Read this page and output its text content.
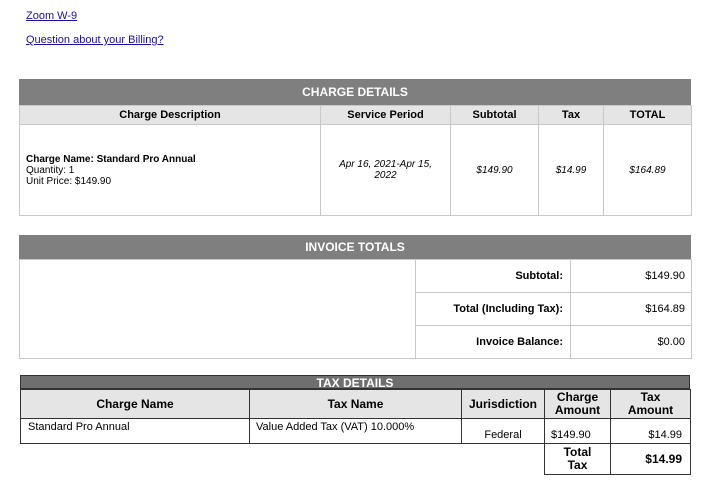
Zoom W-9
Question about your Billing?
CHARGE DETAILS
Charge Description	Service Period	Subtotal	Tax	TOTAL

Charge Name: Standard Pro Annual
Quantity: 1
Unit Price: $149.90	Apr 16, 2021-Apr 15, 2022	$149.90	$14.99	$164.89
INVOICE TOTALS
	Subtotal:	$149.90
	Total (Including Tax):	$164.89
	Invoice Balance:	$0.00
TAX DETAILS
Charge Name	Tax Name	Jurisdiction	Charge Amount	Tax Amount

Standard Pro Annual	Value Added Tax (VAT) 10.000%	Federal	$149.90	$14.99

			Total Tax	$14.99
